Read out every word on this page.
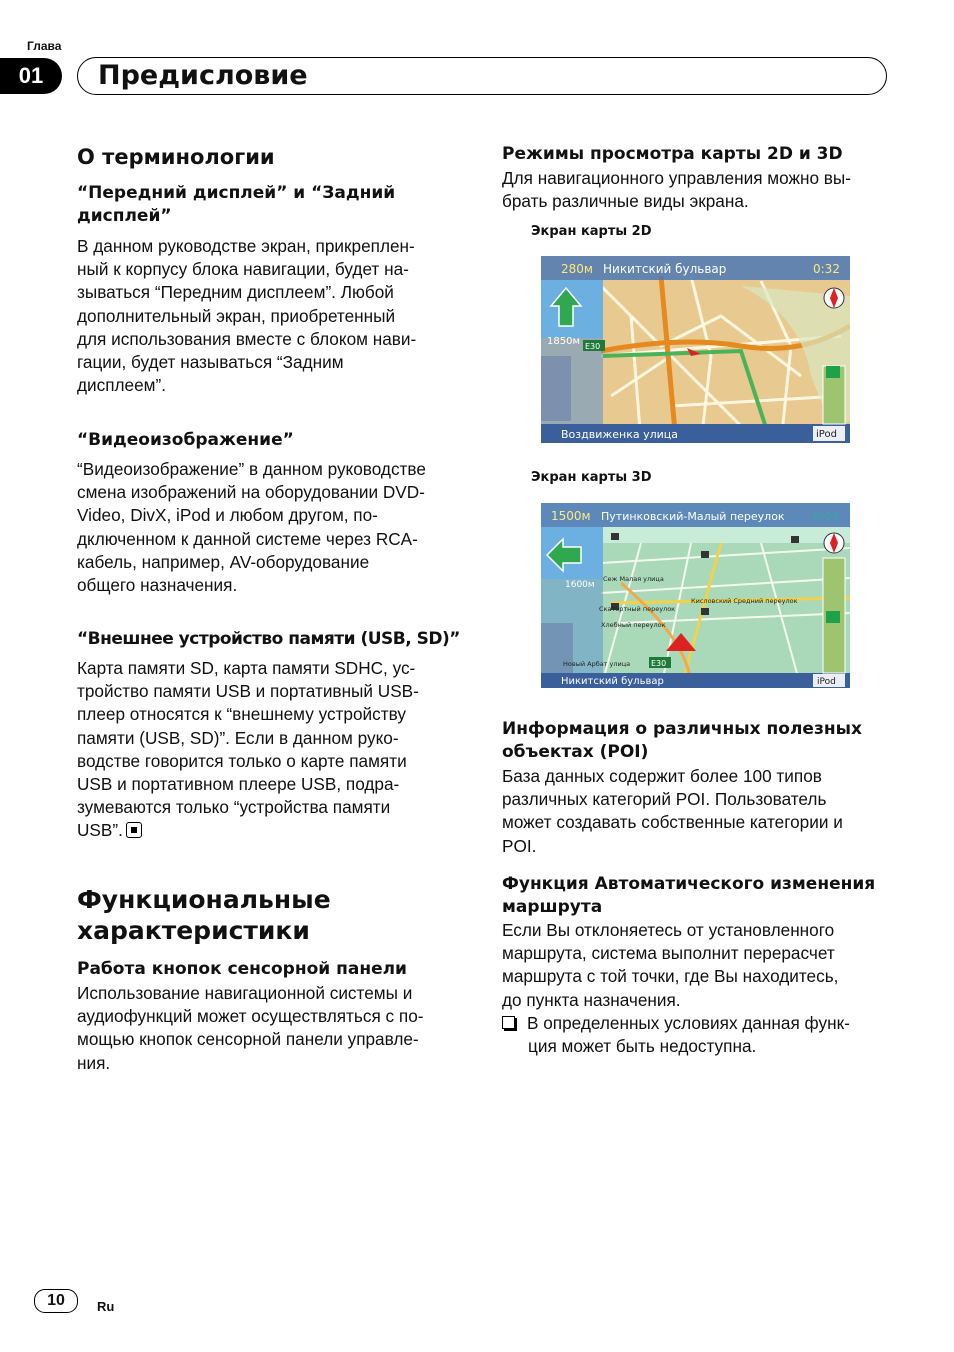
Глава
01	Предисловие
О терминологии
“Передний дисплей” и “Задний дисплей”

В данном руководстве экран, прикреплен-

ный к корпусу блока навигации, будет на-

зываться “Передним дисплеем”. Любой

дополнительный экран, приобретенный

для использования вместе с блоком нави-

гации, будет называться “Задним

дисплеем”.

“Видеоизображение”

“Видеоизображение” в данном руководстве

смена изображений на оборудовании DVD-

Video, DivX, iPod и любом другом, по-

дключенном к данной системе через RCA-

кабель, например, AV-оборудование

общего назначения.

“Внешнее устройство памяти (USB, SD)”

Карта памяти SD, карта памяти SDHC, ус-

тройство памяти USB и портативный USB-

плеер относятся к “внешнему устройству

памяти (USB, SD)”. Если в данном руко-

водстве говорится только о карте памяти

USB и портативном плеере USB, подра-

зумеваются только “устройства памяти

USB”.

Функциональные
характеристики
Работа кнопок сенсорной панели

Использование навигационной системы и

аудиофункций может осуществляться с по-

мощью кнопок сенсорной панели управле-

ния.

Режимы просмотра карты 2D и 3D

Для навигационного управления можно вы-

брать различные виды экрана.

Экран карты 2D
280м Никитский бульвар	0:32
1850м E30
Воздвиженка улица	iPod
Экран карты 3D
1500м Путинковский-Малый переулок	0:03
1600м
E30
Сеж Малая улица
Скатертный переулок
Хлебный переулок
Кисловский Средний переулок
Новый Арбат улица
Никитский бульвар	iPod
Информация о различных полезных
объектах (POI)

База данных содержит более 100 типов

различных категорий POI. Пользователь

может создавать собственные категории и

POI.

Функция Автоматического изменения
маршрута

Если Вы отклоняетесь от установленного

маршрута, система выполнит перерасчет

маршрута с той точки, где Вы находитесь,

до пункта назначения.

В определенных условиях данная функ-

ция может быть недоступна.

10	Ru
